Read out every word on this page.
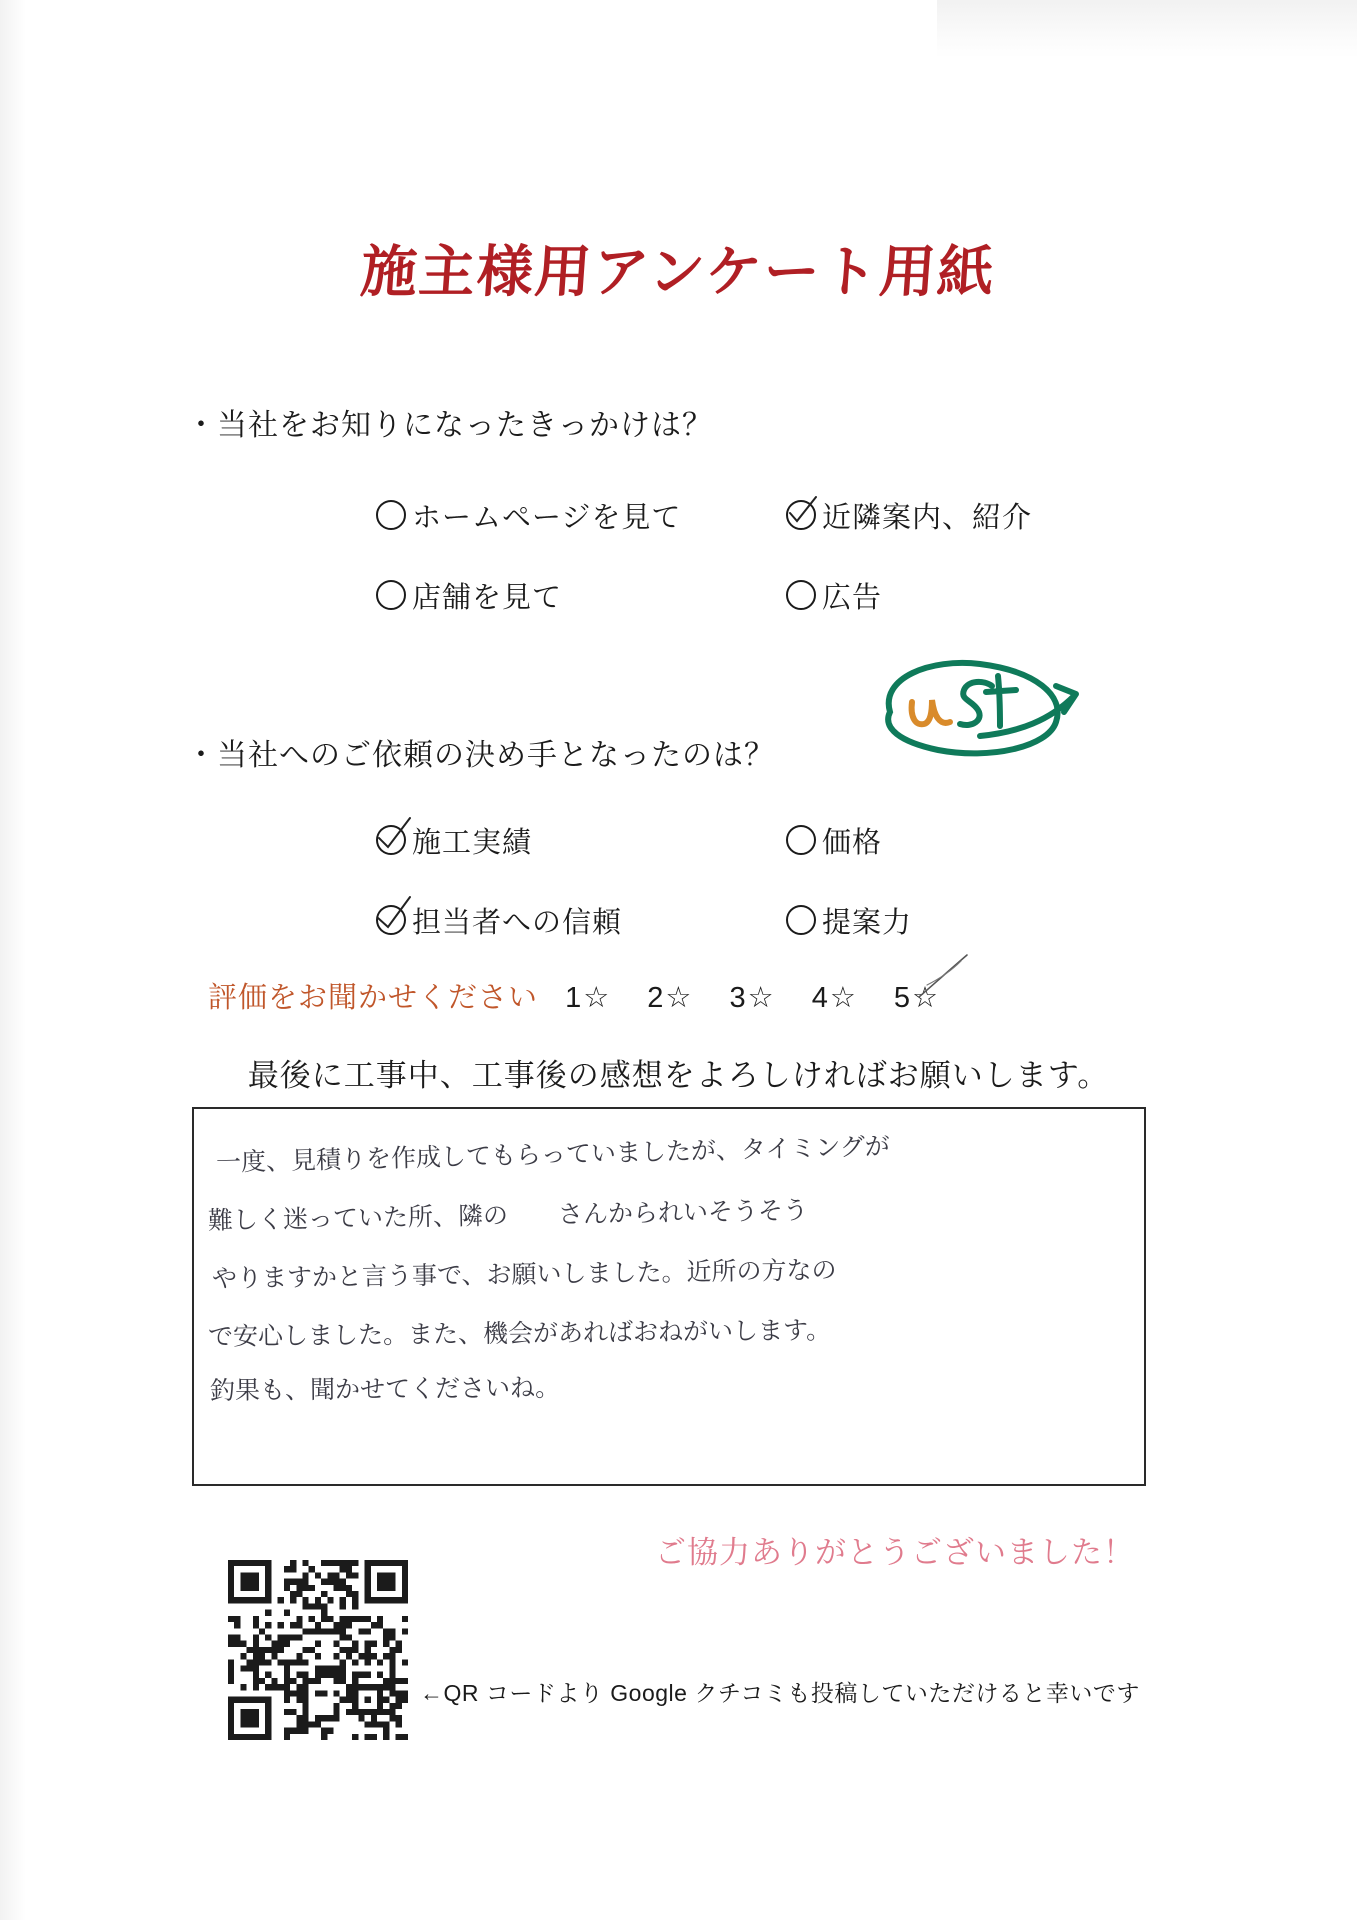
施主様用アンケート用紙
・当社をお知りになったきっかけは？
ホームページを見て	近隣案内、紹介
店舗を見て	広告
・当社へのご依頼の決め手となったのは？
施工実績	価格
担当者への信頼	提案力
評価をお聞かせください 1☆ 2☆ 3☆ 4☆ 5☆
最後に工事中、工事後の感想をよろしければお願いします。
一度、見積りを作成してもらっていましたが、タイミングが
難しく迷っていた所、隣の　　さんかられいそうそう
やりますかと言う事で、お願いしました。近所の方なの
で安心しました。また、機会があればおねがいします。
釣果も、聞かせてくださいね。
ご協力ありがとうございました！
←QR コードより Google クチコミも投稿していただけると幸いです
